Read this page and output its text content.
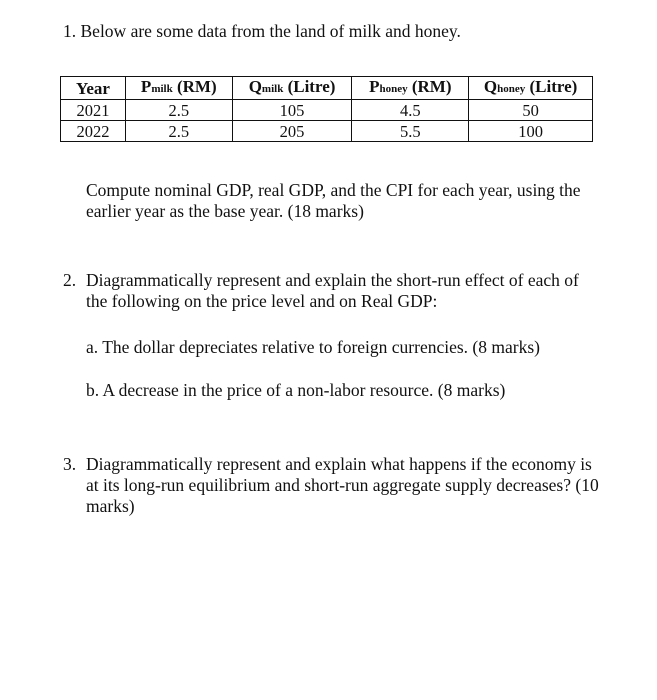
1. Below are some data from the land of milk and honey.

Year	Pmilk (RM)	Qmilk (Litre)	Phoney (RM)	Qhoney (Litre)
2021	2.5	105	4.5	50
2022	2.5	205	5.5	100
Compute nominal GDP, real GDP, and the CPI for each year, using the
earlier year as the base year. (18 marks)
2. Diagrammatically represent and explain the short-run effect of each of
the following on the price level and on Real GDP:

a. The dollar depreciates relative to foreign currencies. (8 marks)

b. A decrease in the price of a non-labor resource. (8 marks)

3. Diagrammatically represent and explain what happens if the economy is
at its long-run equilibrium and short-run aggregate supply decreases? (10
marks)
